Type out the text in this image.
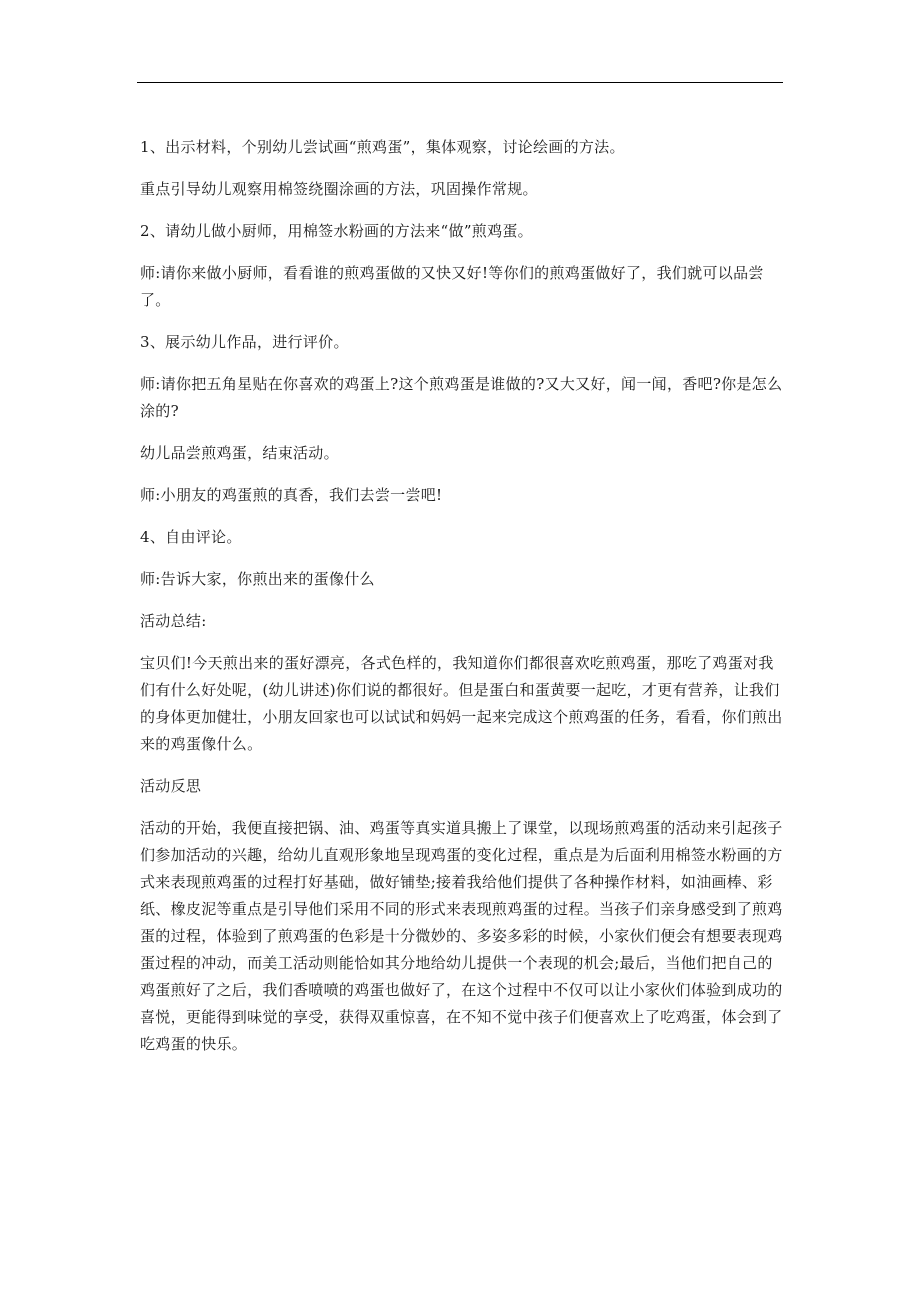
1、出示材料，个别幼儿尝试画“煎鸡蛋”，集体观察，讨论绘画的方法。

重点引导幼儿观察用棉签绕圈涂画的方法，巩固操作常规。

2、请幼儿做小厨师，用棉签水粉画的方法来“做”煎鸡蛋。

师:请你来做小厨师，看看谁的煎鸡蛋做的又快又好!等你们的煎鸡蛋做好了，我们就可以品尝了。

3、展示幼儿作品，进行评价。

师:请你把五角星贴在你喜欢的鸡蛋上?这个煎鸡蛋是谁做的?又大又好，闻一闻，香吧?你是怎么涂的?

幼儿品尝煎鸡蛋，结束活动。

师:小朋友的鸡蛋煎的真香，我们去尝一尝吧!

4、自由评论。

师:告诉大家，你煎出来的蛋像什么

活动总结:

宝贝们!今天煎出来的蛋好漂亮，各式色样的，我知道你们都很喜欢吃煎鸡蛋，那吃了鸡蛋对我们有什么好处呢，(幼儿讲述)你们说的都很好。但是蛋白和蛋黄要一起吃，才更有营养，让我们的身体更加健壮，小朋友回家也可以试试和妈妈一起来完成这个煎鸡蛋的任务，看看，你们煎出来的鸡蛋像什么。

活动反思

活动的开始，我便直接把锅、油、鸡蛋等真实道具搬上了课堂，以现场煎鸡蛋的活动来引起孩子们参加活动的兴趣，给幼儿直观形象地呈现鸡蛋的变化过程，重点是为后面利用棉签水粉画的方式来表现煎鸡蛋的过程打好基础，做好铺垫;接着我给他们提供了各种操作材料，如油画棒、彩纸、橡皮泥等重点是引导他们采用不同的形式来表现煎鸡蛋的过程。当孩子们亲身感受到了煎鸡蛋的过程，体验到了煎鸡蛋的色彩是十分微妙的、多姿多彩的时候，小家伙们便会有想要表现鸡蛋过程的冲动，而美工活动则能恰如其分地给幼儿提供一个表现的机会;最后，当他们把自己的鸡蛋煎好了之后，我们香喷喷的鸡蛋也做好了，在这个过程中不仅可以让小家伙们体验到成功的喜悦，更能得到味觉的享受，获得双重惊喜，在不知不觉中孩子们便喜欢上了吃鸡蛋，体会到了吃鸡蛋的快乐。
